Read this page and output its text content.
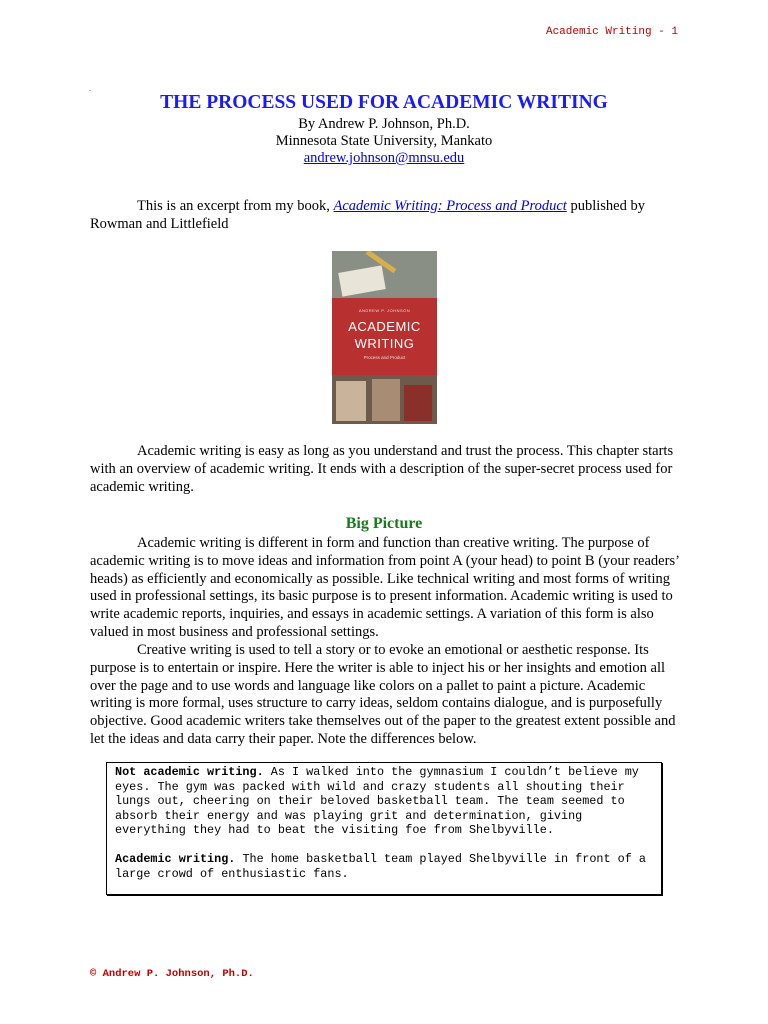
Academic Writing - 1
.
THE PROCESS USED FOR ACADEMIC WRITING
By Andrew P. Johnson, Ph.D.
Minnesota State University, Mankato
andrew.johnson@mnsu.edu
This is an excerpt from my book, Academic Writing: Process and Product published by Rowman and Littlefield
ANDREW P. JOHNSON
ACADEMIC
WRITING
Process and Product
Academic writing is easy as long as you understand and trust the process. This chapter starts with an overview of academic writing. It ends with a description of the super-secret process used for academic writing.
Big Picture
Academic writing is different in form and function than creative writing. The purpose of academic writing is to move ideas and information from point A (your head) to point B (your readers’ heads) as efficiently and economically as possible. Like technical writing and most forms of writing used in professional settings, its basic purpose is to present information. Academic writing is used to write academic reports, inquiries, and essays in academic settings. A variation of this form is also valued in most business and professional settings.
Creative writing is used to tell a story or to evoke an emotional or aesthetic response. Its purpose is to entertain or inspire. Here the writer is able to inject his or her insights and emotion all over the page and to use words and language like colors on a pallet to paint a picture. Academic writing is more formal, uses structure to carry ideas, seldom contains dialogue, and is purposefully objective. Good academic writers take themselves out of the paper to the greatest extent possible and let the ideas and data carry their paper. Note the differences below.

Not academic writing. As I walked into the gymnasium I couldn’t believe my eyes. The gym was packed with wild and crazy students all shouting their lungs out, cheering on their beloved basketball team. The team seemed to absorb their energy and was playing grit and determination, giving everything they had to beat the visiting foe from Shelbyville.

Academic writing. The home basketball team played Shelbyville in front of a large crowd of enthusiastic fans.

© Andrew P. Johnson, Ph.D.
